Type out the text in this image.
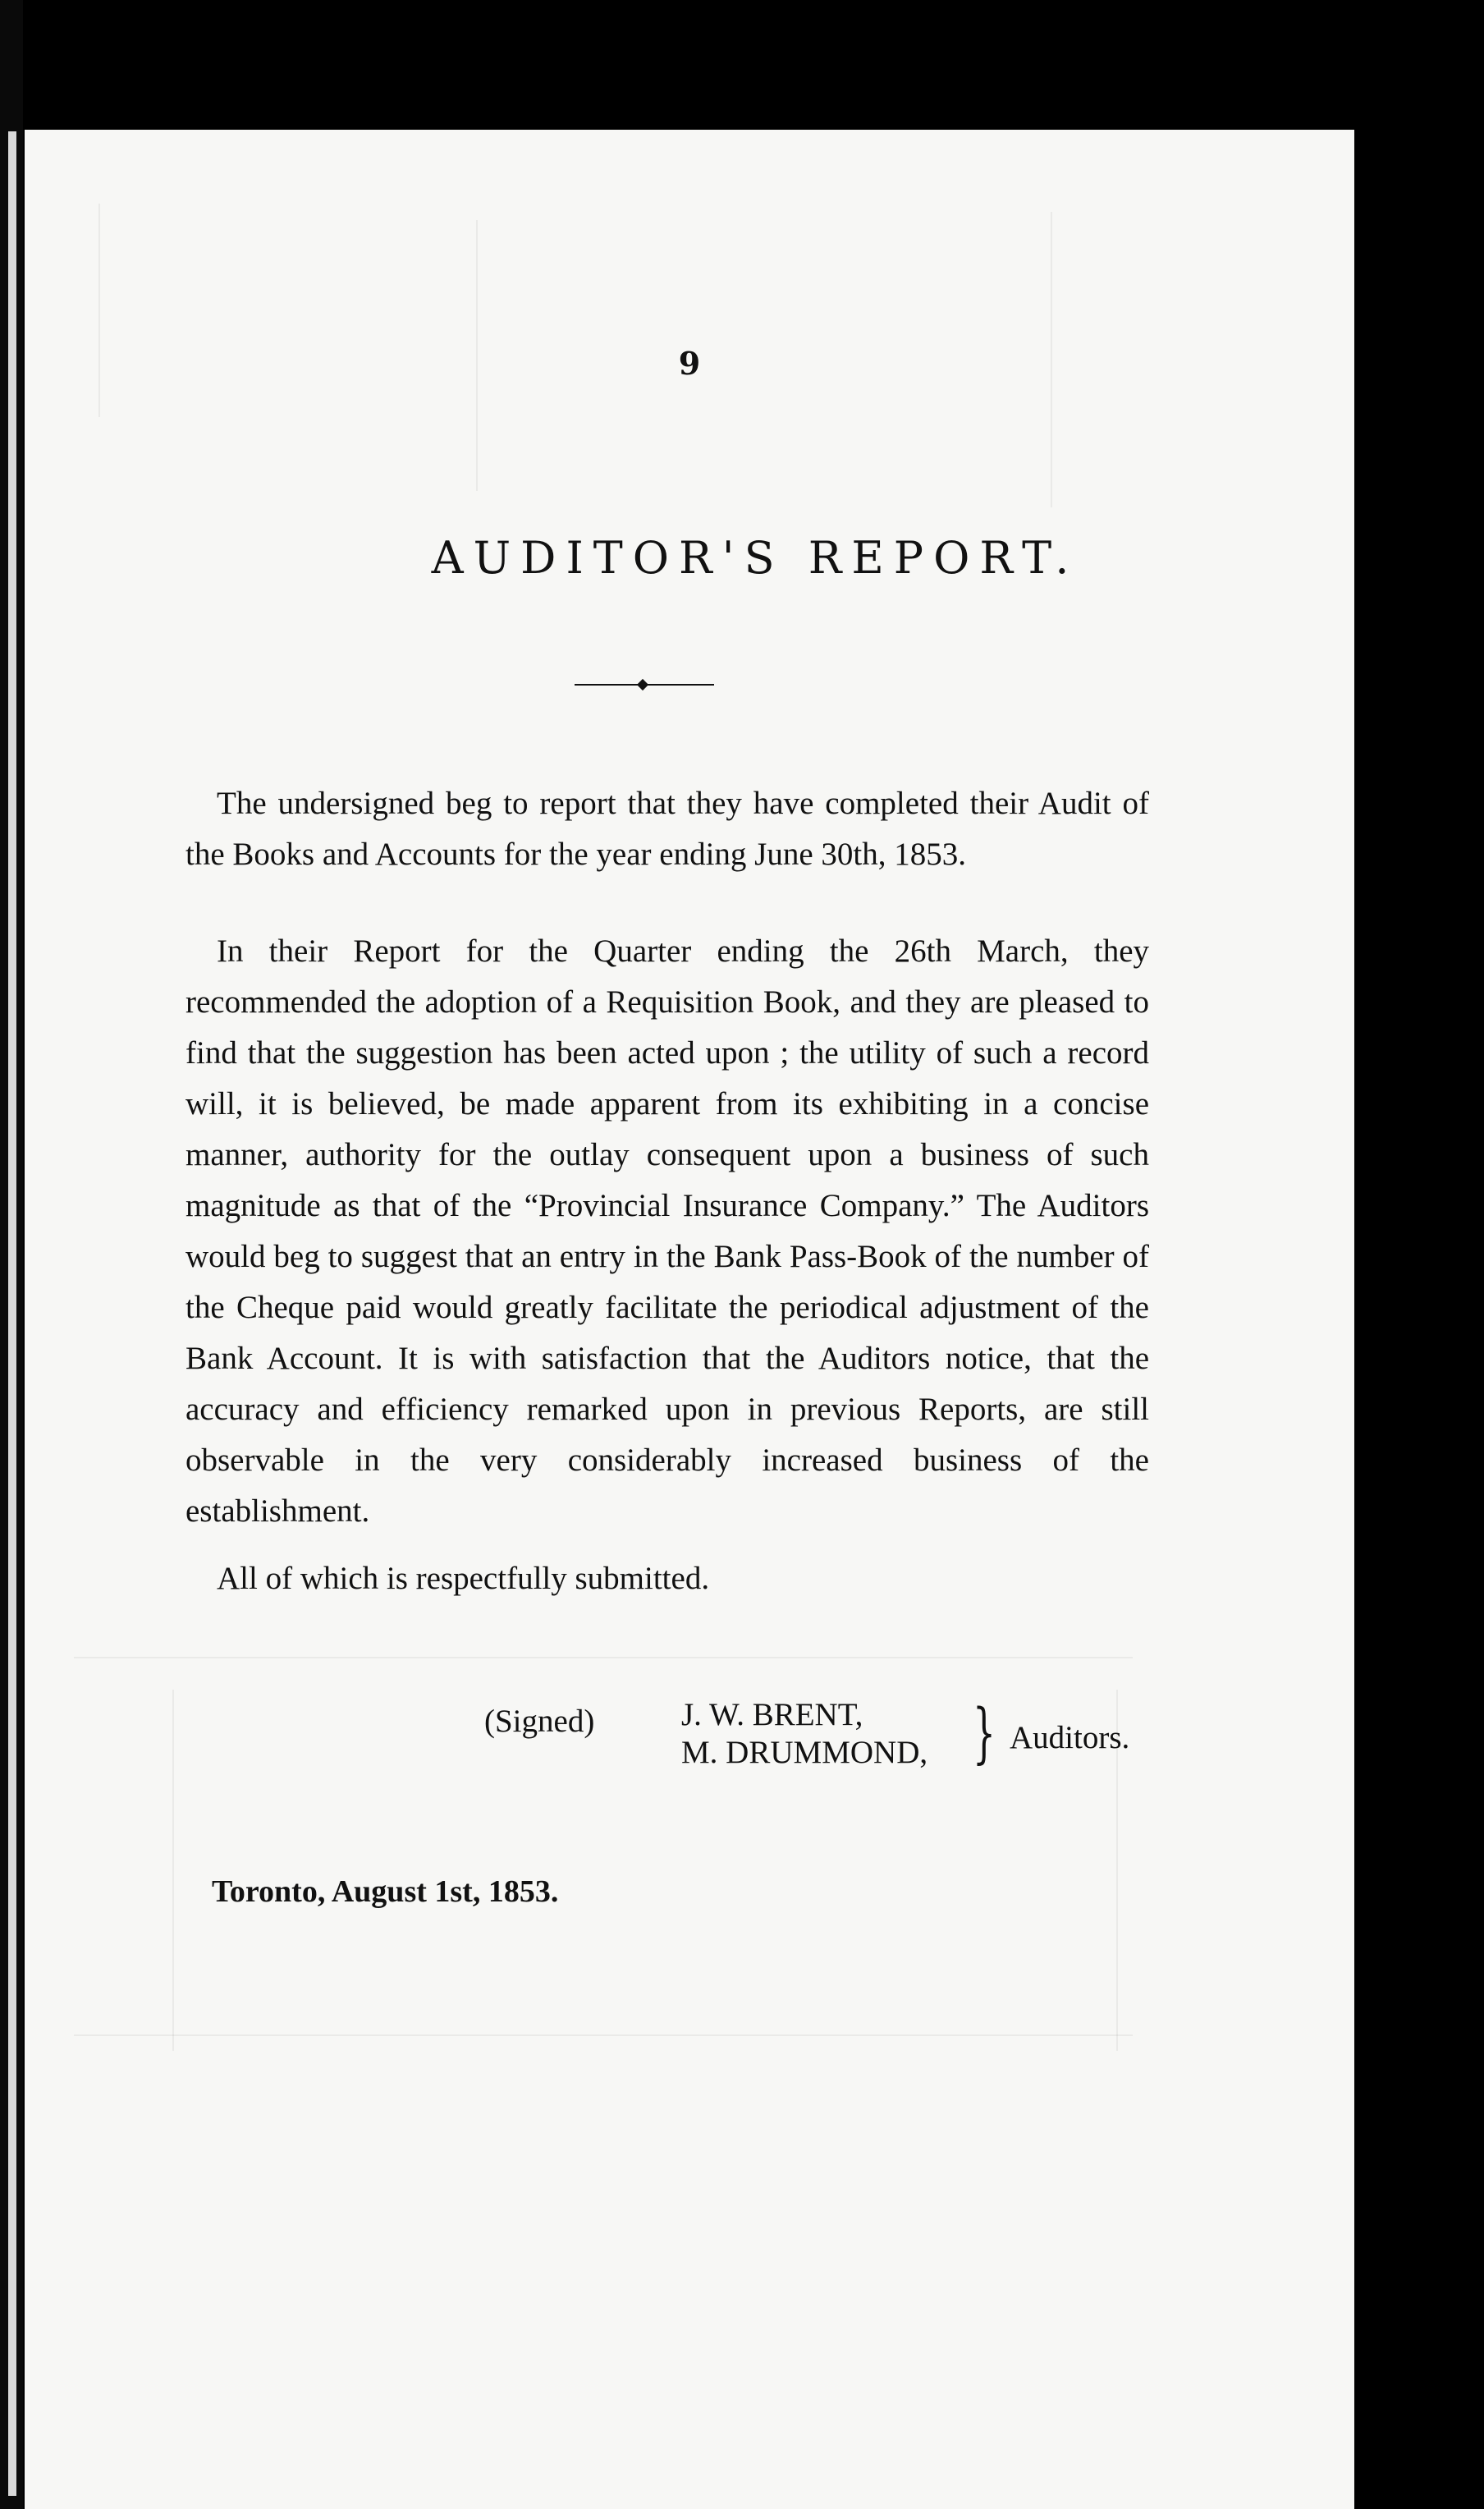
9
AUDITOR'S REPORT.

The undersigned beg to report that they have completed their Audit of the Books and Accounts for the year ending June 30th, 1853.

In their Report for the Quarter ending the 26th March, they recommended the adoption of a Requisition Book, and they are pleased to find that the suggestion has been acted upon ; the utility of such a record will, it is believed, be made apparent from its exhibiting in a concise manner, authority for the outlay consequent upon a business of such magnitude as that of the “Provincial Insurance Company.” The Auditors would beg to suggest that an entry in the Bank Pass-Book of the number of the Cheque paid would greatly facilitate the periodical adjustment of the Bank Account. It is with satisfaction that the Auditors notice, that the accuracy and efficiency remarked upon in previous Reports, are still observable in the very considerably increased business of the establishment.

All of which is respectfully submitted.

(Signed)	J. W. BRENT,
M. DRUMMOND, } Auditors.
Toronto, August 1st, 1853.
